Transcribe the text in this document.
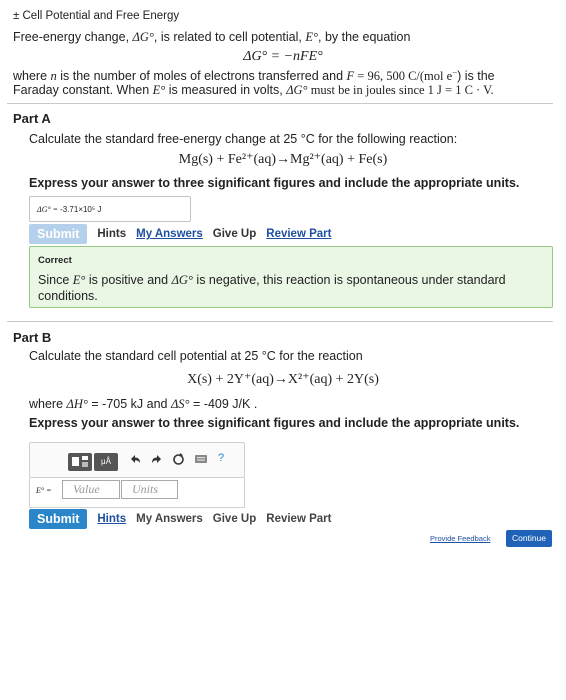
± Cell Potential and Free Energy
Free-energy change, ΔG°, is related to cell potential, E°, by the equation
ΔG° = −nFE°
where n is the number of moles of electrons transferred and F = 96, 500 C/(mol e−) is the
Faraday constant. When E° is measured in volts, ΔG° must be in joules since 1 J = 1 C · V.
Part A
Calculate the standard free-energy change at 25 °C for the following reaction:
Mg(s) + Fe²⁺(aq)→Mg²⁺(aq) + Fe(s)
Express your answer to three significant figures and include the appropriate units.
ΔG° = -3.71×10⁵ J
Submit	Hints My Answers Give Up Review Part
Correct
Since E° is positive and ΔG° is negative, this reaction is spontaneous under standard
conditions.
Part B
Calculate the standard cell potential at 25 °C for the reaction
X(s) + 2Y⁺(aq)→X²⁺(aq) + 2Y(s)
where ΔH° = -705 kJ and ΔS° = -409 J/K .
Express your answer to three significant figures and include the appropriate units.
μÅ	?
E° =	Value	Units
Submit	Hints My Answers Give Up Review Part
Provide Feedback	Continue
